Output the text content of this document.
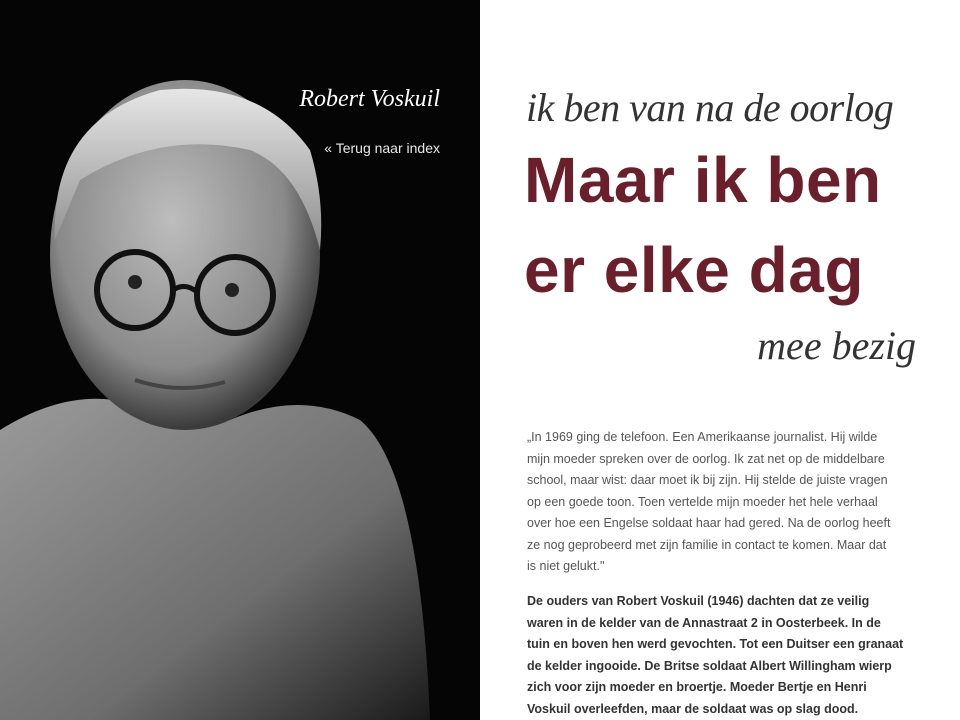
Robert Voskuil
« Terug naar index
ik ben van na de oorlog
Maar ik ben
er elke dag
mee bezig
„In 1969 ging de telefoon. Een Amerikaanse journalist. Hij wilde
mijn moeder spreken over de oorlog. Ik zat net op de middelbare
school, maar wist: daar moet ik bij zijn. Hij stelde de juiste vragen
op een goede toon. Toen vertelde mijn moeder het hele verhaal
over hoe een Engelse soldaat haar had gered. Na de oorlog heeft
ze nog geprobeerd met zijn familie in contact te komen. Maar dat
is niet gelukt."
De ouders van Robert Voskuil (1946) dachten dat ze veilig
waren in de kelder van de Annastraat 2 in Oosterbeek. In de
tuin en boven hen werd gevochten. Tot een Duitser een granaat
de kelder ingooide. De Britse soldaat Albert Willingham wierp
zich voor zijn moeder en broertje. Moeder Bertje en Henri
Voskuil overleefden, maar de soldaat was op slag dood.
